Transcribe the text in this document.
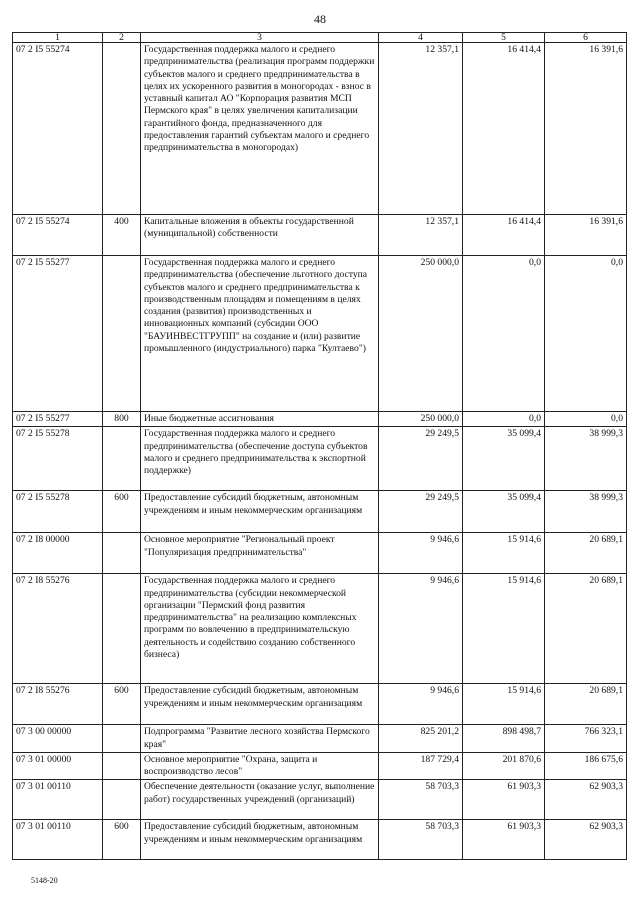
48
1	2	3	4	5	6
07 2 I5 55274		Государственная поддержка малого и среднего предпринимательства (реализация программ поддержки субъектов малого и среднего предпринимательства в целях их ускоренного развития в моногородах - взнос в уставный капитал АО "Корпорация развития МСП Пермского края" в целях увеличения капитализации гарантийного фонда, предназначенного для предоставления гарантий субъектам малого и среднего предпринимательства в моногородах)	12 357,1	16 414,4	16 391,6
07 2 I5 55274	400	Капитальные вложения в объекты государственной (муниципальной) собственности	12 357,1	16 414,4	16 391,6
07 2 I5 55277		Государственная поддержка малого и среднего предпринимательства (обеспечение льготного доступа субъектов малого и среднего предпринимательства к производственным площадям и помещениям в целях создания (развития) производственных и инновационных компаний (субсидии ООО "БАУИНВЕСТГРУПП" на создание и (или) развитие промышленного (индустриального) парка "Култаево")	250 000,0	0,0	0,0
07 2 I5 55277	800	Иные бюджетные ассигнования	250 000,0	0,0	0,0
07 2 I5 55278		Государственная поддержка малого и среднего предпринимательства (обеспечение доступа субъектов малого и среднего предпринимательства к экспортной поддержке)	29 249,5	35 099,4	38 999,3
07 2 I5 55278	600	Предоставление субсидий бюджетным, автономным учреждениям и иным некоммерческим организациям	29 249,5	35 099,4	38 999,3
07 2 I8 00000		Основное мероприятие "Региональный проект "Популяризация предпринимательства"	9 946,6	15 914,6	20 689,1
07 2 I8 55276		Государственная поддержка малого и среднего предпринимательства (субсидии некоммерческой организации "Пермский фонд развития предпринимательства" на реализацию комплексных программ по вовлечению в предпринимательскую деятельность и содействию созданию собственного бизнеса)	9 946,6	15 914,6	20 689,1
07 2 I8 55276	600	Предоставление субсидий бюджетным, автономным учреждениям и иным некоммерческим организациям	9 946,6	15 914,6	20 689,1
07 3 00 00000		Подпрограмма "Развитие лесного хозяйства Пермского края"	825 201,2	898 498,7	766 323,1
07 3 01 00000		Основное мероприятие "Охрана, защита и воспроизводство лесов"	187 729,4	201 870,6	186 675,6
07 3 01 00110		Обеспечение деятельности (оказание услуг, выполнение работ) государственных учреждений (организаций)	58 703,3	61 903,3	62 903,3
07 3 01 00110	600	Предоставление субсидий бюджетным, автономным учреждениям и иным некоммерческим организациям	58 703,3	61 903,3	62 903,3
5148-20
